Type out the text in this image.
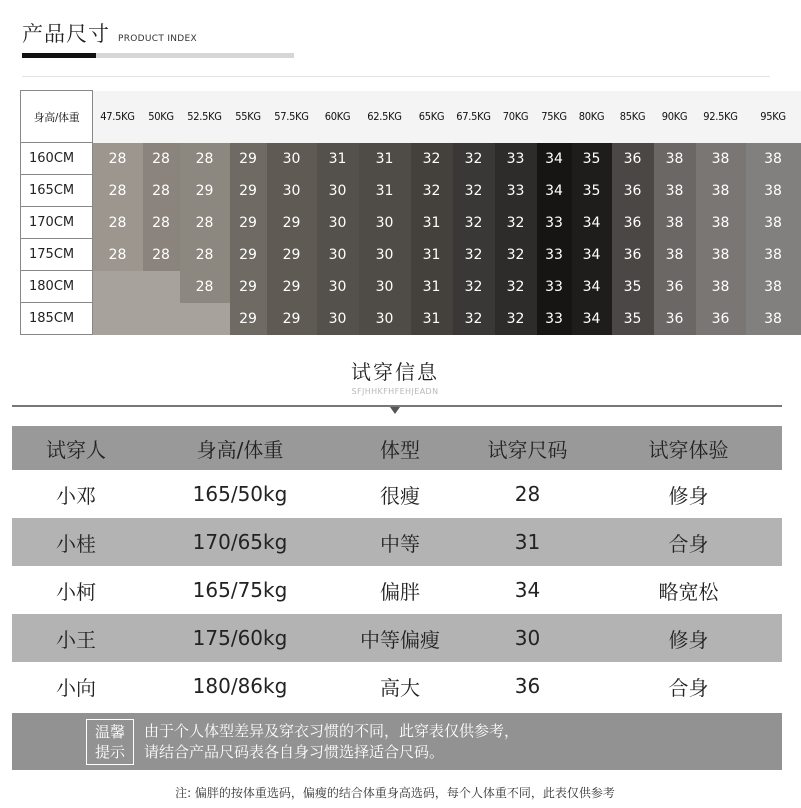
产品尺寸 PRODUCT INDEX
身高/体重	47.5KG	50KG	52.5KG	55KG	57.5KG	60KG	62.5KG	65KG	67.5KG	70KG	75KG	80KG	85KG	90KG	92.5KG	95KG
160CM	28	28	28	29	30	31	31	32	32	33	34	35	36	38	38	38
165CM	28	28	29	29	30	30	31	32	32	33	34	35	36	38	38	38
170CM	28	28	28	29	29	30	30	31	32	32	33	34	36	38	38	38
175CM	28	28	28	29	29	30	30	31	32	32	33	34	36	38	38	38
180CM			28	29	29	30	30	31	32	32	33	34	35	36	38	38
185CM				29	29	30	30	31	32	32	33	34	35	36	36	38
试穿信息
SFJHHKFHFEHJEADN
试穿人	身高/体重	体型	试穿尺码	试穿体验
小邓	165/50kg	很瘦	28	修身
小桂	170/65kg	中等	31	合身
小柯	165/75kg	偏胖	34	略宽松
小王	175/60kg	中等偏瘦	30	修身
小向	180/86kg	高大	36	合身
温馨
提示
由于个人体型差异及穿衣习惯的不同，此穿表仅供参考，
请结合产品尺码表各自身习惯选择适合尺码。
注: 偏胖的按体重选码，偏瘦的结合体重身高选码，每个人体重不同，此表仅供参考
